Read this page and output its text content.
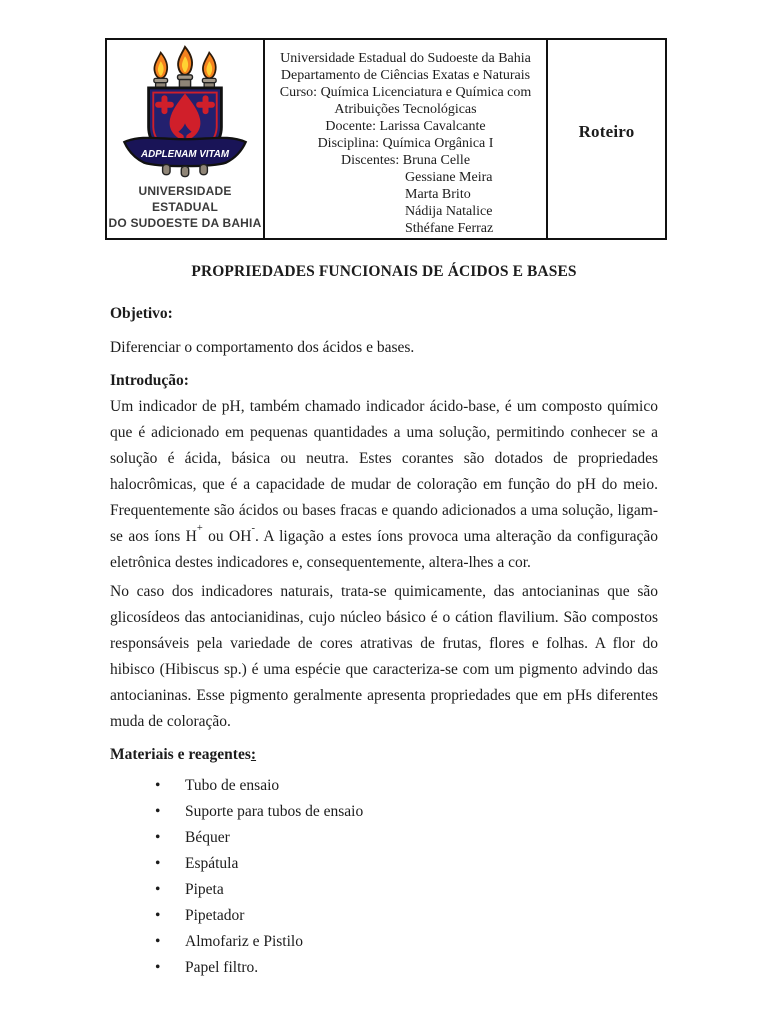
ADPLENAM VITAM
UNIVERSIDADE ESTADUAL
DO SUDOESTE DA BAHIA
Universidade Estadual do Sudoeste da Bahia
Departamento de Ciências Exatas e Naturais
Curso: Química Licenciatura e Química com
Atribuições Tecnológicas
Docente: Larissa Cavalcante
Disciplina: Química Orgânica I
Discentes: Bruna Celle
Gessiane Meira
Marta Brito
Nádija Natalice
Sthéfane Ferraz
Roteiro
PROPRIEDADES FUNCIONAIS DE ÁCIDOS E BASES
Objetivo:
Diferenciar o comportamento dos ácidos e bases.
Introdução:

Um indicador de pH, também chamado indicador ácido-base, é um composto químico que é adicionado em pequenas quantidades a uma solução, permitindo conhecer se a solução é ácida, básica ou neutra. Estes corantes são dotados de propriedades halocrômicas, que é a capacidade de mudar de coloração em função do pH do meio. Frequentemente são ácidos ou bases fracas e quando adicionados a uma solução, ligam-se aos íons H+ ou OH-. A ligação a estes íons provoca uma alteração da configuração eletrônica destes indicadores e, consequentemente, altera-lhes a cor.

No caso dos indicadores naturais, trata-se quimicamente, das antocianinas que são glicosídeos das antocianidinas, cujo núcleo básico é o cátion flavilium. São compostos responsáveis pela variedade de cores atrativas de frutas, flores e folhas. A flor do hibisco (Hibiscus sp.) é uma espécie que caracteriza-se com um pigmento advindo das antocianinas. Esse pigmento geralmente apresenta propriedades que em pHs diferentes muda de coloração.

Materiais e reagentes:
• Tubo de ensaio
• Suporte para tubos de ensaio
• Béquer
• Espátula
• Pipeta
• Pipetador
• Almofariz e Pistilo
• Papel filtro.
